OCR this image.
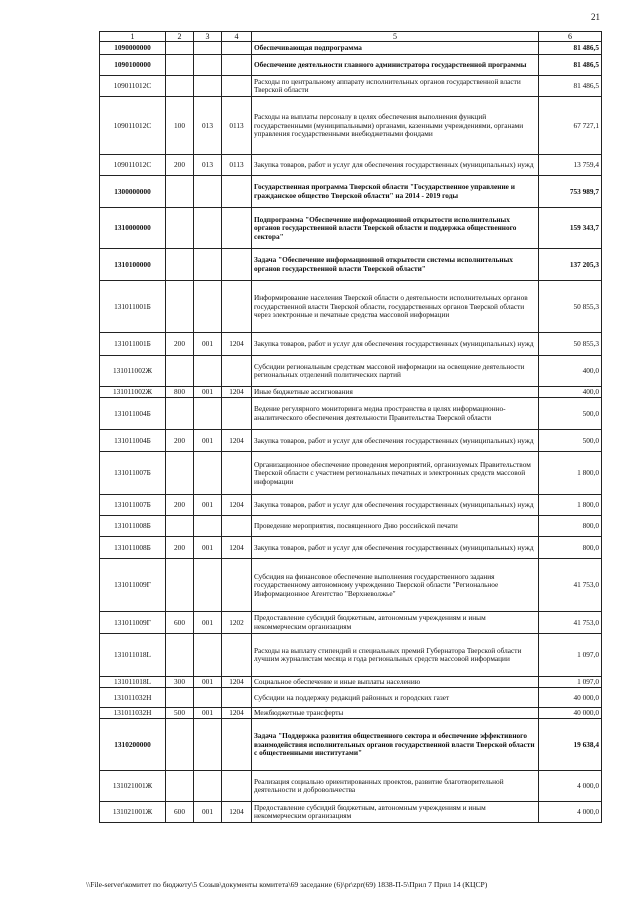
21
1	2	3	4	5	6
1090000000				Обеспечивающая подпрограмма	81 486,5
1090100000				Обеспечение деятельности главного администратора государственной программы	81 486,5
109011012С				Расходы по центральному аппарату исполнительных органов государственной власти Тверской области	81 486,5
109011012С	100	013	0113	Расходы на выплаты персоналу в целях обеспечения выполнения функций государственными (муниципальными) органами, казенными учреждениями, органами управления государственными внебюджетными фондами	67 727,1
109011012С	200	013	0113	Закупка товаров, работ и услуг для обеспечения государственных (муниципальных) нужд	13 759,4
1300000000				Государственная программа Тверской области "Государственное управление и гражданское общество Тверской области" на 2014 - 2019 годы	753 989,7
1310000000				Подпрограмма "Обеспечение информационной открытости исполнительных органов государственной власти Тверской области и поддержка общественного сектора"	159 343,7
1310100000				Задача "Обеспечение информационной открытости системы исполнительных органов государственной власти Тверской области"	137 205,3
131011001Б				Информирование населения Тверской области о деятельности исполнительных органов государственной власти Тверской области, государственных органов Тверской области через электронные и печатные средства массовой информации	50 855,3
131011001Б	200	001	1204	Закупка товаров, работ и услуг для обеспечения государственных (муниципальных) нужд	50 855,3
131011002Ж				Субсидии региональным средствам массовой информации на освещение деятельности региональных отделений политических партий	400,0
131011002Ж	800	001	1204	Иные бюджетные ассигнования	400,0
131011004Б				Ведение регулярного мониторинга медиа пространства в целях информационно-аналитического обеспечения деятельности Правительства Тверской области	500,0
131011004Б	200	001	1204	Закупка товаров, работ и услуг для обеспечения государственных (муниципальных) нужд	500,0
131011007Б				Организационное обеспечение проведения мероприятий, организуемых Правительством Тверской области с участием региональных печатных и электронных средств массовой информации	1 800,0
131011007Б	200	001	1204	Закупка товаров, работ и услуг для обеспечения государственных (муниципальных) нужд	1 800,0
131011008Б				Проведение мероприятия, посвященного Дню российской печати	800,0
131011008Б	200	001	1204	Закупка товаров, работ и услуг для обеспечения государственных (муниципальных) нужд	800,0
131011009Г				Субсидия на финансовое обеспечение выполнения государственного задания государственному автономному учреждению Тверской области "Региональное Информационное Агентство "Верхневолжье"	41 753,0
131011009Г	600	001	1202	Предоставление субсидий бюджетным, автономным учреждениям и иным некоммерческим организациям	41 753,0
131011018L				Расходы на выплату стипендий и специальных премий Губернатора Тверской области лучшим журналистам месяца и года региональных средств массовой информации	1 097,0
131011018L	300	001	1204	Социальное обеспечение и иные выплаты населению	1 097,0
131011032Н				Субсидии на поддержку редакций районных и городских газет	40 000,0
131011032Н	500	001	1204	Межбюджетные трансферты	40 000,0
1310200000				Задача "Поддержка развития общественного сектора и обеспечение эффективного взаимодействия исполнительных органов государственной власти Тверской области с общественными институтами"	19 638,4
131021001Ж				Реализация социально ориентированных проектов, развитие благотворительной деятельности и добровольчества	4 000,0
131021001Ж	600	001	1204	Предоставление субсидий бюджетным, автономным учреждениям и иным некоммерческим организациям	4 000,0
\\File-server\комитет по бюджету\5 Созыв\документы комитета\69 заседание (6)\pr\zpr(69) 1838-П-5\Прил 7 Прил 14 (КЦСР)
